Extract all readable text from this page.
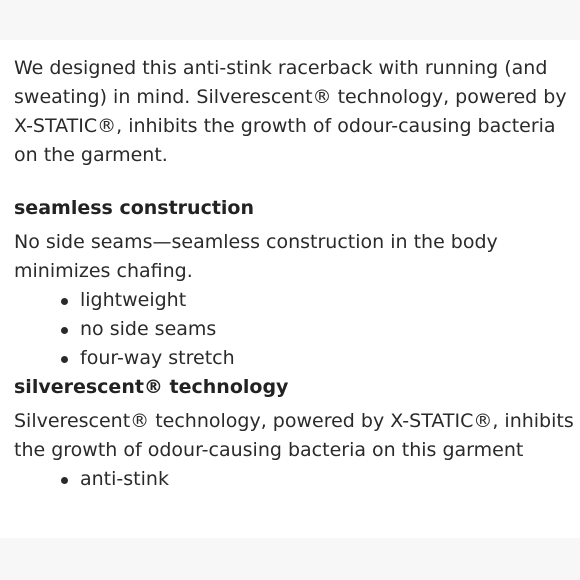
We designed this anti-stink racerback with running (and
sweating) in mind. Silverescent® technology, powered by
X-STATIC®, inhibits the growth of odour-causing bacteria
on the garment.
seamless construction
No side seams—seamless construction in the body
minimizes chafing.
lightweight
no side seams
four-way stretch
silverescent® technology
Silverescent® technology, powered by X-STATIC®, inhibits
the growth of odour-causing bacteria on this garment
anti-stink
